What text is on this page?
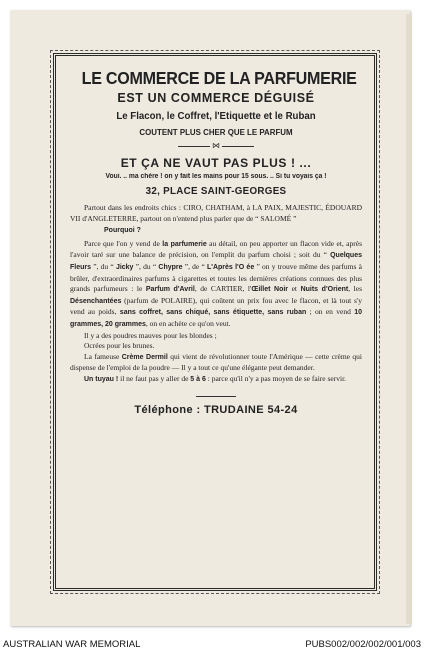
LE COMMERCE DE LA PARFUMERIE
EST UN COMMERCE DÉGUISÉ
Le Flacon, le Coffret, l'Etiquette et le Ruban
COUTENT PLUS CHER QUE LE PARFUM
⋈
ET ÇA NE VAUT PAS PLUS ! ...
Voui. .. ma chère ! on y fait les mains pour 15 sous. .. Si tu voyais ça !
32, PLACE SAINT-GEORGES

Partout dans les endroits chics : CIRO, CHATHAM, à LA PAIX, MAJESTIC, ÉDOUARD VII d'ANGLETERRE, partout on n'entend plus parler que de “ SALOMÉ ”

Pourquoi ?

Parce que l'on y vend de la parfumerie au détail, on peu apporter un flacon vide et, après l'avoir taré sur une balance de précision, on l'emplit du parfum choisi ; soit du “ Quelques Fleurs ”, du “ Jicky ”, du “ Chypre ”, de “ L'Après l'O ée ” on y trouve même des parfums à brûler, d'extraordinaires parfums à cigarettes et toutes les dernières créations connues des plus grands parfumeurs : le Parfum d'Avril, de CARTIER, l'Œillet Noir et Nuits d'Orient, les Désenchantées (parfum de POLAIRE), qui coûtent un prix fou avec le flacon, et là tout s'y vend au poids, sans coffret, sans chiqué, sans étiquette, sans ruban ; on en vend 10 grammes, 20 grammes, on en achète ce qu'on veut.

Il y a des poudres mauves pour les blondes ;

Ocrées pour les brunes.

La fameuse Crème Dermil qui vient de révolutionner toute l'Amérique — cette crème qui dispense de l'emploi de la poudre — Il y a tout ce qu'une élégante peut demander.

Un tuyau ! il ne faut pas y aller de 5 à 6 : parce qu'il n'y a pas moyen de se faire servir.

Téléphone : TRUDAINE 54-24
AUSTRALIAN WAR MEMORIAL	PUBS002/002/002/001/003
